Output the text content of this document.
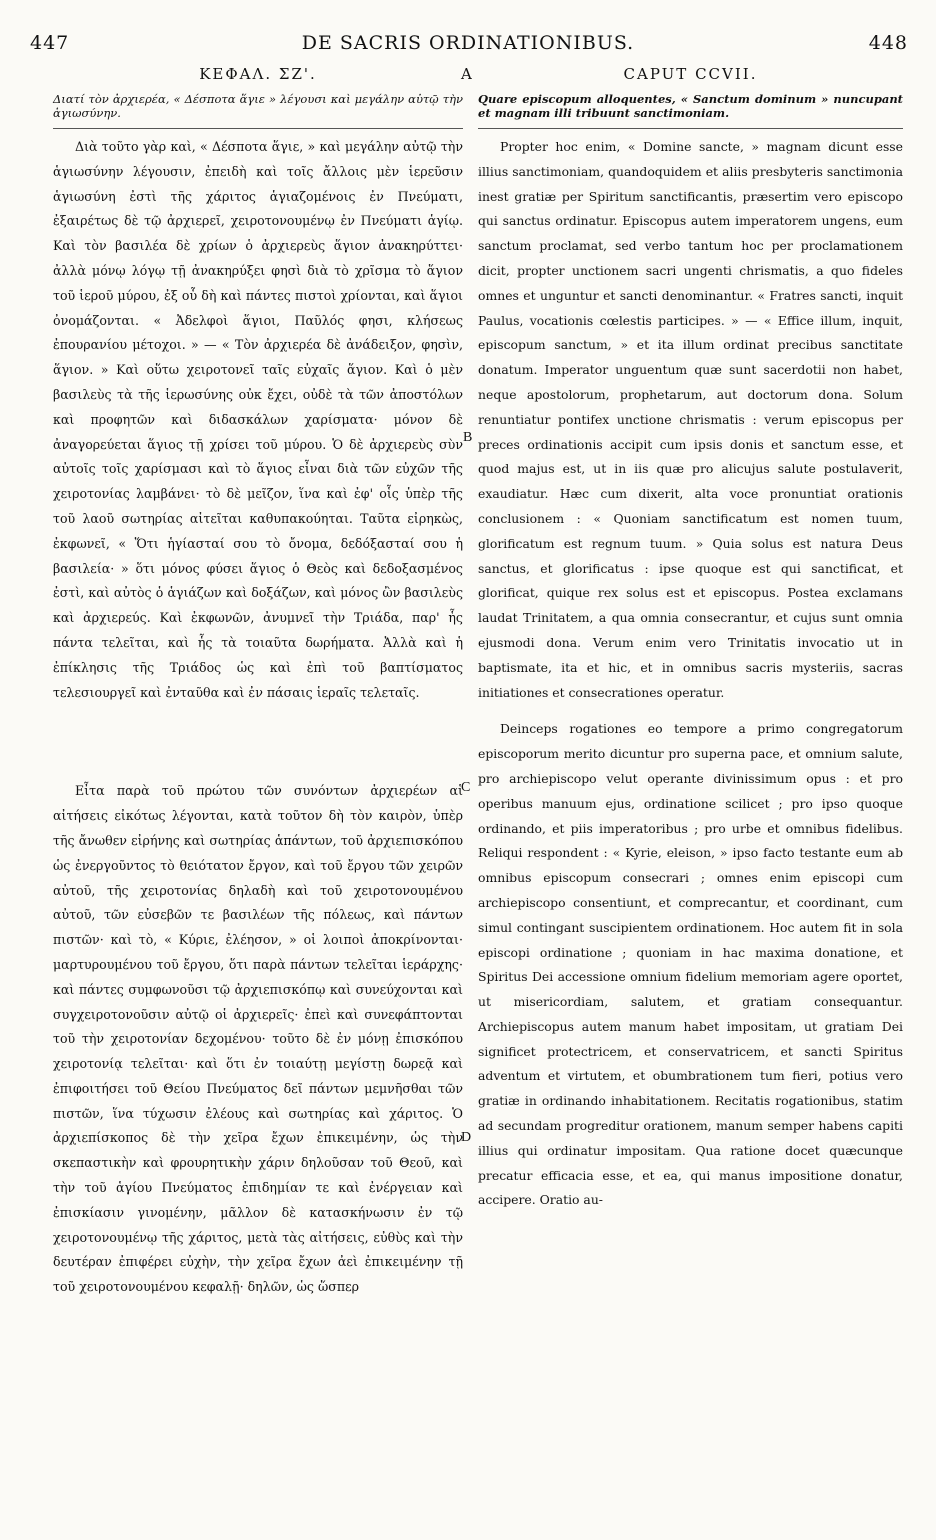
447	DE SACRIS ORDINATIONIBUS.	448
A
ΚΕΦΑΛ. ΣΖ'.
Διατί τὸν ἀρχιερέα, « Δέσποτα ἅγιε » λέγουσι καὶ μεγάλην αὐτῷ τὴν ἁγιωσύνην.

Διὰ τοῦτο γὰρ καὶ, « Δέσποτα ἅγιε, » καὶ μεγάλην αὐτῷ τὴν ἁγιωσύνην λέγουσιν, ἐπειδὴ καὶ τοῖς ἄλλοις μὲν ἱερεῦσιν ἁγιωσύνη ἐστὶ τῆς χάριτος ἁγιαζομένοις ἐν Πνεύματι, ἐξαιρέτως δὲ τῷ ἀρχιερεῖ, χειροτονουμένῳ ἐν Πνεύματι ἁγίῳ. Καὶ τὸν βασιλέα δὲ χρίων ὁ ἀρχιερεὺς ἅγιον ἀνακηρύττει· ἀλλὰ μόνῳ λόγῳ τῇ ἀνακηρύξει φησὶ διὰ τὸ χρῖσμα τὸ ἅγιον τοῦ ἱεροῦ μύρου, ἐξ οὗ δὴ καὶ πάντες πιστοὶ χρίονται, καὶ ἅγιοι ὀνομάζονται. « Ἀδελφοὶ ἅγιοι, Παῦλός φησι, κλήσεως ἐπουρανίου μέτοχοι. » — « Τὸν ἀρχιερέα δὲ ἀνάδειξον, φησὶν, ἅγιον. » Καὶ οὕτω χειροτονεῖ ταῖς εὐχαῖς ἅγιον. Καὶ ὁ μὲν βασιλεὺς τὰ τῆς ἱερωσύνης οὐκ ἔχει, οὐδὲ τὰ τῶν ἀποστόλων καὶ προφητῶν καὶ διδασκάλων χαρίσματα· μόνον δὲ ἀναγορεύεται ἅγιος τῇ χρίσει τοῦ μύρου. Ὁ δὲ ἀρχιερεὺς σὺν αὐτοῖς τοῖς χαρίσμασι καὶ τὸ ἅγιος εἶναι διὰ τῶν εὐχῶν τῆς χειροτονίας λαμβάνει· τὸ δὲ μεῖζον, ἵνα καὶ ἐφ' οἷς ὑπὲρ τῆς τοῦ λαοῦ σωτηρίας αἰτεῖται καθυπακούηται. Ταῦτα εἰρηκὼς, ἐκφωνεῖ, « Ὅτι ἡγίασταί σου τὸ ὄνομα, δεδόξασταί σου ἡ βασιλεία· » ὅτι μόνος φύσει ἅγιος ὁ Θεὸς καὶ δεδοξασμένος ἐστὶ, καὶ αὐτὸς ὁ ἁγιάζων καὶ δοξάζων, καὶ μόνος ὢν βασιλεὺς καὶ ἀρχιερεύς. Καὶ ἐκφωνῶν, ἀνυμνεῖ τὴν Τριάδα, παρ' ἧς πάντα τελεῖται, καὶ ἧς τὰ τοιαῦτα δωρήματα. Ἀλλὰ καὶ ἡ ἐπίκλησις τῆς Τριάδος ὡς καὶ ἐπὶ τοῦ βαπτίσματος τελεσιουργεῖ καὶ ἐνταῦθα καὶ ἐν πάσαις ἱεραῖς τελεταῖς.

Εἶτα παρὰ τοῦ πρώτου τῶν συνόντων ἀρχιερέων αἱ αἰτήσεις εἰκότως λέγονται, κατὰ τοῦτον δὴ τὸν καιρὸν, ὑπὲρ τῆς ἄνωθεν εἰρήνης καὶ σωτηρίας ἁπάντων, τοῦ ἀρχιεπισκόπου ὡς ἐνεργοῦντος τὸ θειότατον ἔργον, καὶ τοῦ ἔργου τῶν χειρῶν αὐτοῦ, τῆς χειροτονίας δηλαδὴ καὶ τοῦ χειροτονουμένου αὐτοῦ, τῶν εὐσεβῶν τε βασιλέων τῆς πόλεως, καὶ πάντων πιστῶν· καὶ τὸ, « Κύριε, ἐλέησον, » οἱ λοιποὶ ἀποκρίνονται· μαρτυρουμένου τοῦ ἔργου, ὅτι παρὰ πάντων τελεῖται ἱεράρχης· καὶ πάντες συμφωνοῦσι τῷ ἀρχιεπισκόπῳ καὶ συνεύχονται καὶ συγχειροτονοῦσιν αὐτῷ οἱ ἀρχιερεῖς· ἐπεὶ καὶ συνεφάπτονται τοῦ τὴν χειροτονίαν δεχομένου· τοῦτο δὲ ἐν μόνῃ ἐπισκόπου χειροτονίᾳ τελεῖται· καὶ ὅτι ἐν τοιαύτῃ μεγίστῃ δωρεᾷ καὶ ἐπιφοιτήσει τοῦ Θείου Πνεύματος δεῖ πάντων μεμνῆσθαι τῶν πιστῶν, ἵνα τύχωσιν ἐλέους καὶ σωτηρίας καὶ χάριτος. Ὁ ἀρχιεπίσκοπος δὲ τὴν χεῖρα ἔχων ἐπικειμένην, ὡς τὴν σκεπαστικὴν καὶ φρουρητικὴν χάριν δηλοῦσαν τοῦ Θεοῦ, καὶ τὴν τοῦ ἁγίου Πνεύματος ἐπιδημίαν τε καὶ ἐνέργειαν καὶ ἐπισκίασιν γινομένην, μᾶλλον δὲ κατασκήνωσιν ἐν τῷ χειροτονουμένῳ τῆς χάριτος, μετὰ τὰς αἰτήσεις, εὐθὺς καὶ τὴν δευτέραν ἐπιφέρει εὐχὴν, τὴν χεῖρα ἔχων ἀεὶ ἐπικειμένην τῇ τοῦ χειροτονουμένου κεφαλῇ· δηλῶν, ὡς ὥσπερ

CAPUT CCVII.
Quare episcopum alloquentes, « Sanctum dominum » nuncupant et magnam illi tribuunt sanctimoniam.

Propter hoc enim, « Domine sancte, » magnam dicunt esse illius sanctimoniam, quandoquidem et aliis presbyteris sanctimonia inest gratiæ per Spiritum sanctificantis, præsertim vero episcopo qui sanctus ordinatur. Episcopus autem imperatorem ungens, eum sanctum proclamat, sed verbo tantum hoc per proclamationem dicit, propter unctionem sacri ungenti chrismatis, a quo fideles omnes et unguntur et sancti denominantur. « Fratres sancti, inquit Paulus, vocationis cœlestis participes. » — « Effice illum, inquit, episcopum sanctum, » et ita illum ordinat precibus sanctitate donatum. Imperator unguentum quæ sunt sacerdotii non habet, neque apostolorum, prophetarum, aut doctorum dona. Solum renuntiatur pontifex unctione chrismatis : verum episcopus per preces ordinationis accipit cum ipsis donis et sanctum esse, et quod majus est, ut in iis quæ pro alicujus salute postulaverit, exaudiatur. Hæc cum dixerit, alta voce pronuntiat orationis conclusionem : « Quoniam sanctificatum est nomen tuum, glorificatum est regnum tuum. » Quia solus est natura Deus sanctus, et glorificatus : ipse quoque est qui sanctificat, et glorificat, quique rex solus est et episcopus. Postea exclamans laudat Trinitatem, a qua omnia consecrantur, et cujus sunt omnia ejusmodi dona. Verum enim vero Trinitatis invocatio ut in baptismate, ita et hic, et in omnibus sacris mysteriis, sacras initiationes et consecrationes operatur.

Deinceps rogationes eo tempore a primo congregatorum episcoporum merito dicuntur pro superna pace, et omnium salute, pro archiepiscopo velut operante divinissimum opus : et pro operibus manuum ejus, ordinatione scilicet ; pro ipso quoque ordinando, et piis imperatoribus ; pro urbe et omnibus fidelibus. Reliqui respondent : « Kyrie, eleison, » ipso facto testante eum ab omnibus episcopum consecrari ; omnes enim episcopi cum archiepiscopo consentiunt, et comprecantur, et coordinant, cum simul contingant suscipientem ordinationem. Hoc autem fit in sola episcopi ordinatione ; quoniam in hac maxima donatione, et Spiritus Dei accessione omnium fidelium memoriam agere oportet, ut misericordiam, salutem, et gratiam consequantur. Archiepiscopus autem manum habet impositam, ut gratiam Dei significet protectricem, et conservatricem, et sancti Spiritus adventum et virtutem, et obumbrationem tum fieri, potius vero gratiæ in ordinando inhabitationem. Recitatis rogationibus, statim ad secundam progreditur orationem, manum semper habens capiti illius qui ordinatur impositam. Qua ratione docet quæcunque precatur efficacia esse, et ea, qui manus impositione donatur, accipere. Oratio au-

B
C
D
